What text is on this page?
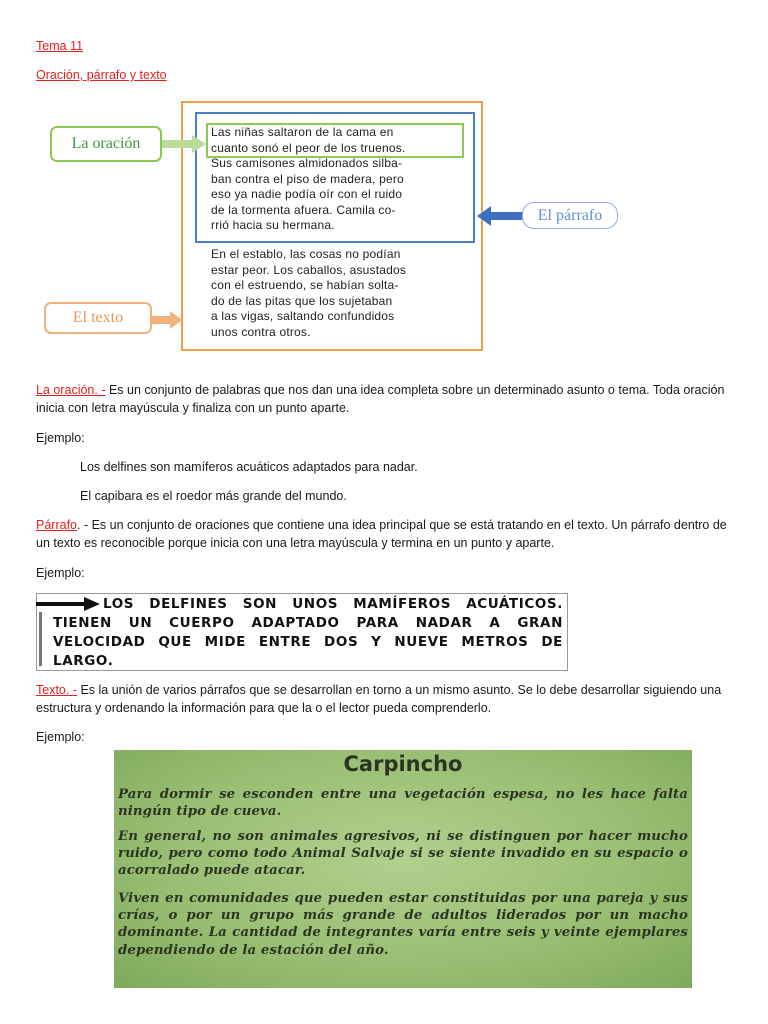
Tema 11
Oración, párrafo y texto
Las niñas saltaron de la cama en
cuanto sonó el peor de los truenos.
Sus camisones almidonados silba-
ban contra el piso de madera, pero
eso ya nadie podía oír con el ruido
de la tormenta afuera. Camila co-
rrió hacia su hermana.
En el establo, las cosas no podían
estar peor. Los caballos, asustados
con el estruendo, se habían solta-
do de las pitas que los sujetaban
a las vigas, saltando confundidos
unos contra otros.
La oración
El párrafo
El texto
La oración. - Es un conjunto de palabras que nos dan una idea completa sobre un determinado asunto o tema. Toda oración inicia con letra mayúscula y finaliza con un punto aparte.
Ejemplo:
Los delfines son mamíferos acuáticos adaptados para nadar.
El capibara es el roedor más grande del mundo.
Párrafo. - Es un conjunto de oraciones que contiene una idea principal que se está tratando en el texto. Un párrafo dentro de un texto es reconocible porque inicia con una letra mayúscula y termina en un punto y aparte.
Ejemplo:
LOS DELFINES SON UNOS MAMÍFEROS ACUÁTICOS. TIENEN UN CUERPO ADAPTADO PARA NADAR A GRAN VELOCIDAD QUE MIDE ENTRE DOS Y NUEVE METROS DE LARGO.
Texto. - Es la unión de varios párrafos que se desarrollan en torno a un mismo asunto. Se lo debe desarrollar siguiendo una estructura y ordenando la información para que la o el lector pueda comprenderlo.
Ejemplo:
Carpincho
Para dormir se esconden entre una vegetación espesa, no les hace falta ningún tipo de cueva.
En general, no son animales agresivos, ni se distinguen por hacer mucho ruido, pero como todo Animal Salvaje si se siente invadido en su espacio o acorralado puede atacar.
Viven en comunidades que pueden estar constituidas por una pareja y sus crías, o por un grupo más grande de adultos liderados por un macho dominante. La cantidad de integrantes varía entre seis y veinte ejemplares dependiendo de la estación del año.
